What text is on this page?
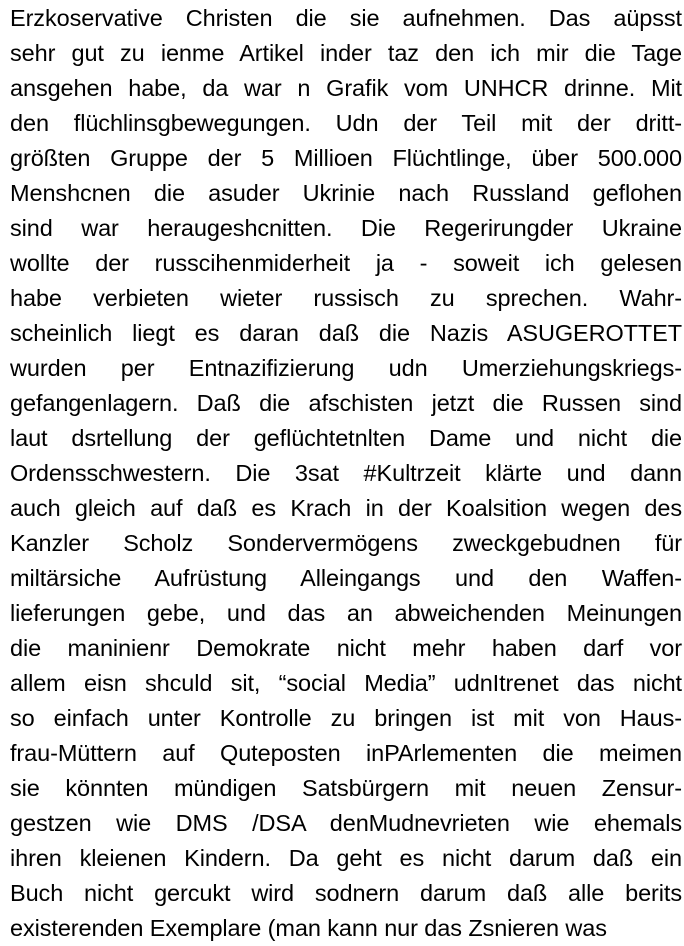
Erzkoservative Christen die sie aufnehmen. Das aüpsst
sehr gut zu ienme Artikel inder taz den ich mir die Tage
ansgehen habe, da war n Grafik vom UNHCR drinne. Mit
den flüchlinsgbewegungen. Udn der Teil mit der dritt-
größten Gruppe der 5 Millioen Flüchtlinge, über 500.000
Menshcnen die asuder Ukrinie nach Russland geflohen
sind war heraugeshcnitten. Die Regerirungder Ukraine
wollte der russcihenmiderheit ja - soweit ich gelesen
habe verbieten wieter russisch zu sprechen. Wahr-
scheinlich liegt es daran daß die Nazis ASUGEROTTET
wurden per Entnazifizierung udn Umerziehungskriegs-
gefangenlagern. Daß die afschisten jetzt die Russen sind
laut dsrtellung der geflüchtetnlten Dame und nicht die
Ordensschwestern. Die 3sat #Kultrzeit klärte und dann
auch gleich auf daß es Krach in der Koalsition wegen des
Kanzler Scholz Sondervermögens zweckgebudnen für
miltärsiche Aufrüstung Alleingangs und den Waffen-
lieferungen gebe, und das an abweichenden Meinungen
die maninienr Demokrate nicht mehr haben darf vor
allem eisn shculd sit, “social Media” udnItrenet das nicht
so einfach unter Kontrolle zu bringen ist mit von Haus-
frau-Müttern auf Quteposten inPArlementen die meimen
sie könnten mündigen Satsbürgern mit neuen Zensur-
gestzen wie DMS /DSA denMudnevrieten wie ehemals
ihren kleienen Kindern. Da geht es nicht darum daß ein
Buch nicht gercukt wird sodnern darum daß alle berits
existerenden Exemplare (man kann nur das Zsnieren was
